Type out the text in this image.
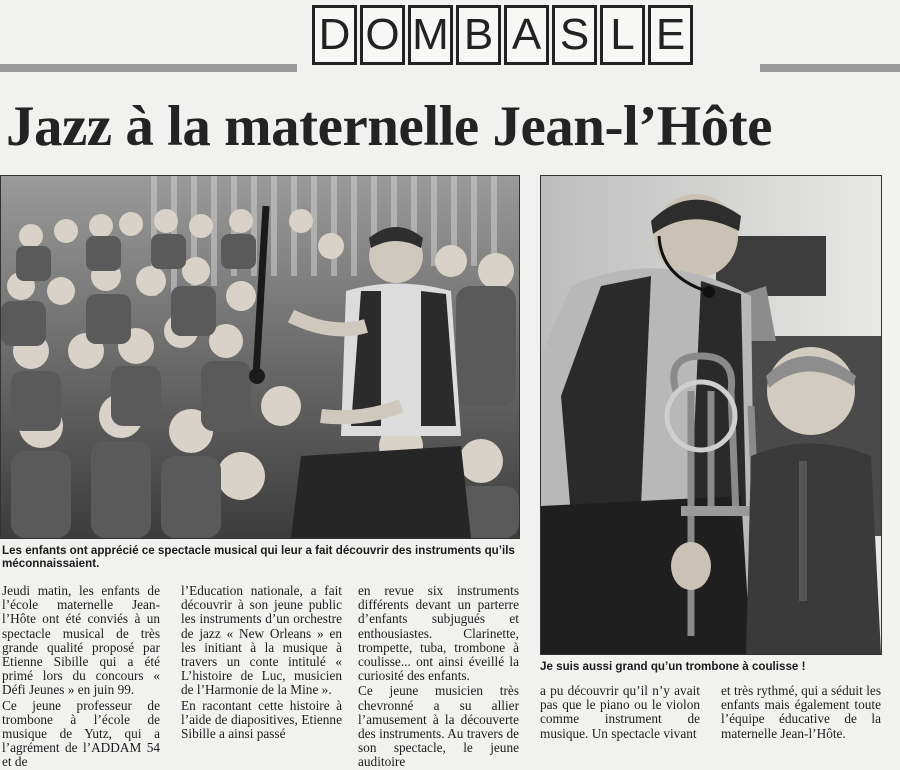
D O M B A S L E
Jazz à la maternelle Jean-l’Hôte
Les enfants ont apprécié ce spectacle musical qui leur a fait découvrir des instruments qu’ils méconnaissaient.
Je suis aussi grand qu’un trombone à coulisse !

Jeudi matin, les enfants de l’école maternelle Jean-l’Hôte ont été conviés à un spectacle musical de très grande qualité proposé par Etienne Sibille qui a été primé lors du concours « Défi Jeunes » en juin 99.

Ce jeune professeur de trombone à l’école de musique de Yutz, qui a l’agrément de l’ADDAM 54 et de

l’Education nationale, a fait découvrir à son jeune public les instruments d’un orchestre de jazz « New Orleans » en les initiant à la musique à travers un conte intitulé « L’histoire de Luc, musicien de l’Harmonie de la Mine ».

En racontant cette histoire à l’aide de diapositives, Etienne Sibille a ainsi passé

en revue six instruments différents devant un parterre d’enfants subjugués et enthousiastes. Clarinette, trompette, tuba, trombone à coulisse... ont ainsi éveillé la curiosité des enfants.

Ce jeune musicien très chevronné a su allier l’amusement à la découverte des instruments. Au travers de son spectacle, le jeune auditoire

a pu découvrir qu’il n’y avait pas que le piano ou le violon comme instrument de musique. Un spectacle vivant

et très rythmé, qui a séduit les enfants mais également toute l’équipe éducative de la maternelle Jean-l’Hôte.
